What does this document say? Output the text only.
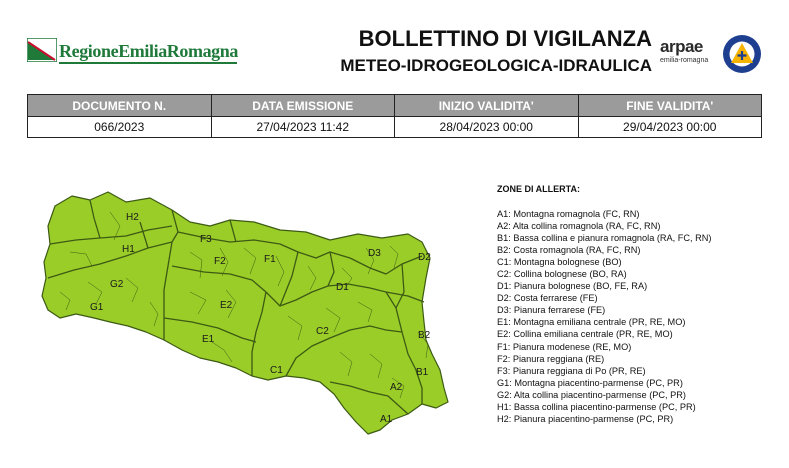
RegioneEmiliaRomagna	BOLLETTINO DI VIGILANZA
METEO-IDROGEOLOGICA-IDRAULICA
arpae
emilia-romagna
DOCUMENTO N.	DATA EMISSIONE	INIZIO VALIDITA'	FINE VALIDITA'
066/2023	27/04/2023 11:42	28/04/2023 00:00	29/04/2023 00:00
H2
F3
H1
F2	F1
D3	D2
G2
G1	E2
D1
B2
C2
E1
C1	B1
A2
A1
ZONE DI ALLERTA:
A1: Montagna romagnola (FC, RN)
A2: Alta collina romagnola (RA, FC, RN)
B1: Bassa collina e pianura romagnola (RA, FC, RN)
B2: Costa romagnola (RA, FC, RN)
C1: Montagna bolognese (BO)
C2: Collina bolognese (BO, RA)
D1: Pianura bolognese (BO, FE, RA)
D2: Costa ferrarese (FE)
D3: Pianura ferrarese (FE)
E1: Montagna emiliana centrale (PR, RE, MO)
E2: Collina emiliana centrale (PR, RE, MO)
F1: Pianura modenese (RE, MO)
F2: Pianura reggiana (RE)
F3: Pianura reggiana di Po (PR, RE)
G1: Montagna piacentino-parmense (PC, PR)
G2: Alta collina piacentino-parmense (PC, PR)
H1: Bassa collina piacentino-parmense (PC, PR)
H2: Pianura piacentino-parmense (PC, PR)
